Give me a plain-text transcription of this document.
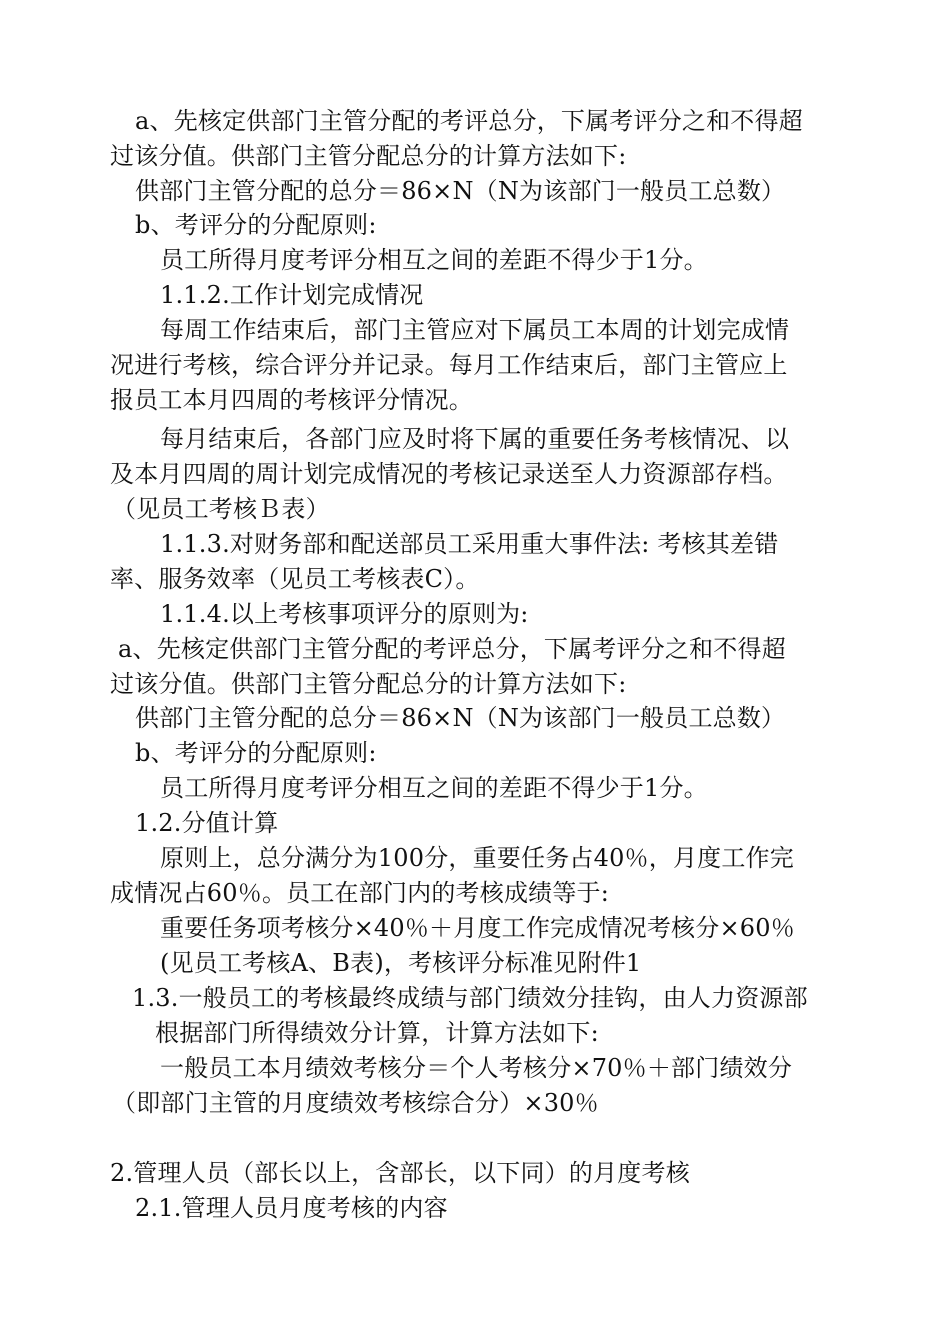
a、先核定供部门主管分配的考评总分，下属考评分之和不得超
过该分值。供部门主管分配总分的计算方法如下:
供部门主管分配的总分＝86×N（N为该部门一般员工总数）
b、考评分的分配原则:
员工所得月度考评分相互之间的差距不得少于1分。
1.1.2.工作计划完成情况
每周工作结束后，部门主管应对下属员工本周的计划完成情
况进行考核，综合评分并记录。每月工作结束后，部门主管应上
报员工本月四周的考核评分情况。
每月结束后，各部门应及时将下属的重要任务考核情况、以
及本月四周的周计划完成情况的考核记录送至人力资源部存档。
（见员工考核Ｂ表）
1.1.3.对财务部和配送部员工采用重大事件法: 考核其差错
率、服务效率（见员工考核表C）。
1.1.4.以上考核事项评分的原则为:
a、先核定供部门主管分配的考评总分，下属考评分之和不得超
过该分值。供部门主管分配总分的计算方法如下:
供部门主管分配的总分＝86×N（N为该部门一般员工总数）
b、考评分的分配原则:
员工所得月度考评分相互之间的差距不得少于1分。
1.2.分值计算
原则上，总分满分为100分，重要任务占40％，月度工作完
成情况占60％。员工在部门内的考核成绩等于:
重要任务项考核分×40％＋月度工作完成情况考核分×60％
(见员工考核A、B表)，考核评分标准见附件1
1.3.一般员工的考核最终成绩与部门绩效分挂钩，由人力资源部
根据部门所得绩效分计算，计算方法如下:
一般员工本月绩效考核分＝个人考核分×70％＋部门绩效分
（即部门主管的月度绩效考核综合分）×30％
2.管理人员（部长以上，含部长，以下同）的月度考核
2.1.管理人员月度考核的内容
